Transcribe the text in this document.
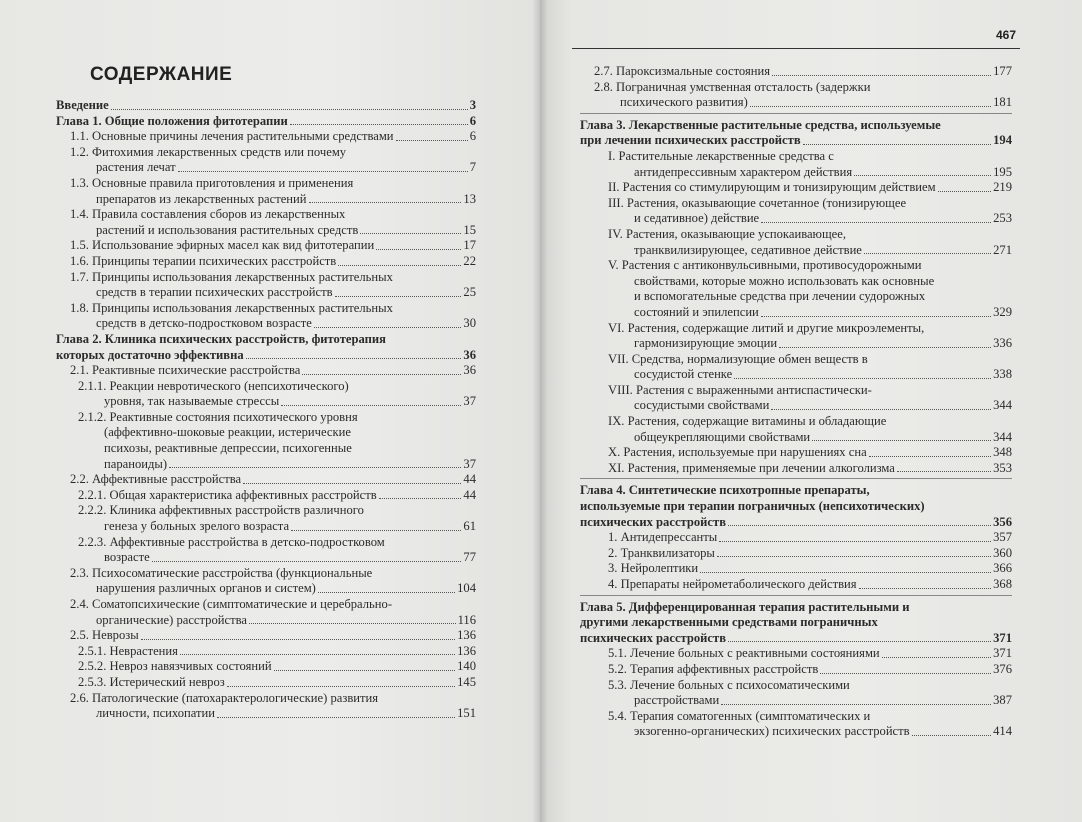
СОДЕРЖАНИЕ
Введение	3
Глава 1. Общие положения фитотерапии	6
1.1. Основные причины лечения растительными средствами	6
1.2. Фитохимия лекарственных средств или почему
растения лечат	7
1.3. Основные правила приготовления и применения
препаратов из лекарственных растений	13
1.4. Правила составления сборов из лекарственных
растений и использования растительных средств	15
1.5. Использование эфирных масел как вид фитотерапии	17
1.6. Принципы терапии психических расстройств	22
1.7. Принципы использования лекарственных растительных
средств в терапии психических расстройств	25
1.8. Принципы использования лекарственных растительных
средств в детско-подростковом возрасте	30
Глава 2. Клиника психических расстройств, фитотерапия
которых достаточно эффективна	36
2.1. Реактивные психические расстройства	36
2.1.1. Реакции невротического (непсихотического)
уровня, так называемые стрессы	37
2.1.2. Реактивные состояния психотического уровня
(аффективно-шоковые реакции, истерические
психозы, реактивные депрессии, психогенные
параноиды)	37
2.2. Аффективные расстройства	44
2.2.1. Общая характеристика аффективных расстройств	44
2.2.2. Клиника аффективных расстройств различного
генеза у больных зрелого возраста	61
2.2.3. Аффективные расстройства в детско-подростковом
возрасте	77
2.3. Психосоматические расстройства (функциональные
нарушения различных органов и систем)	104
2.4. Соматопсихические (симптоматические и церебрально-
органические) расстройства	116
2.5. Неврозы	136
2.5.1. Неврастения	136
2.5.2. Невроз навязчивых состояний	140
2.5.3. Истерический невроз	145
2.6. Патологические (патохарактерологические) развития
личности, психопатии	151
467
2.7. Пароксизмальные состояния	177
2.8. Пограничная умственная отсталость (задержки
психического развития)	181
Глава 3. Лекарственные растительные средства, используемые
при лечении психических расстройств	194
I. Растительные лекарственные средства с
антидепрессивным характером действия	195
II. Растения со стимулирующим и тонизирующим действием	219
III. Растения, оказывающие сочетанное (тонизирующее
и седативное) действие	253
IV. Растения, оказывающие успокаивающее,
транквилизирующее, седативное действие	271
V. Растения с антиконвульсивными, противосудорожными
свойствами, которые можно использовать как основные
и вспомогательные средства при лечении судорожных
состояний и эпилепсии	329
VI. Растения, содержащие литий и другие микроэлементы,
гармонизирующие эмоции	336
VII. Средства, нормализующие обмен веществ в
сосудистой стенке	338
VIII. Растения с выраженными антиспастически-
сосудистыми свойствами	344
IX. Растения, содержащие витамины и обладающие
общеукрепляющими свойствами	344
X. Растения, используемые при нарушениях сна	348
XI. Растения, применяемые при лечении алкоголизма	353
Глава 4. Синтетические психотропные препараты,
используемые при терапии пограничных (непсихотических)
психических расстройств	356
1. Антидепрессанты	357
2. Транквилизаторы	360
3. Нейролептики	366
4. Препараты нейрометаболического действия	368
Глава 5. Дифференцированная терапия растительными и
другими лекарственными средствами пограничных
психических расстройств	371
5.1. Лечение больных с реактивными состояниями	371
5.2. Терапия аффективных расстройств	376
5.3. Лечение больных с психосоматическими
расстройствами	387
5.4. Терапия соматогенных (симптоматических и
экзогенно-органических) психических расстройств	414
